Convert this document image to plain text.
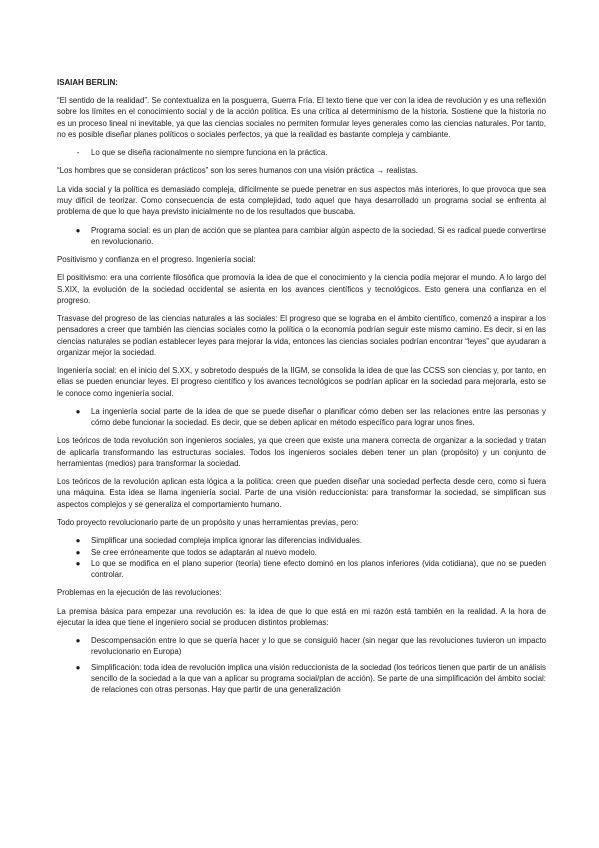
ISAIAH BERLIN:

“El sentido de la realidad”. Se contextualiza en la posguerra, Guerra Fría. El texto tiene que ver con la idea de revolución y es una reflexión sobre los límites en el conocimiento social y de la acción política. Es una crítica al determinismo de la historia. Sostiene que la historia no es un proceso lineal ni inevitable, ya que las ciencias sociales no permiten formular leyes generales como las ciencias naturales. Por tanto, no es posible diseñar planes políticos o sociales perfectos, ya que la realidad es bastante compleja y cambiante.

-	Lo que se diseña racionalmente no siempre funciona en la práctica.

“Los hombres que se consideran prácticos” son los seres humanos con una visión práctica → realistas.

La vida social y la política es demasiado compleja, difícilmente se puede penetrar en sus aspectos más interiores, lo que provoca que sea muy difícil de teorizar. Como consecuencia de esta complejidad, todo aquel que haya desarrollado un programa social se enfrenta al problema de que lo que haya previsto inicialmente no de los resultados que buscaba.

● Programa social: es un plan de acción que se plantea para cambiar algún aspecto de la sociedad. Si es radical puede convertirse en revolucionario.

Positivismo y confianza en el progreso. Ingeniería social:

El positivismo: era una corriente filosófica que promovía la idea de que el conocimiento y la ciencia podía mejorar el mundo. A lo largo del S.XIX, la evolución de la sociedad occidental se asienta en los avances científicos y tecnológicos. Esto genera una confianza en el progreso.

Trasvase del progreso de las ciencias naturales a las sociales: El progreso que se lograba en el ámbito científico, comenzó a inspirar a los pensadores a creer que también las ciencias sociales como la política o la economía podrían seguir este mismo camino. Es decir, si en las ciencias naturales se podían establecer leyes para mejorar la vida, entonces las ciencias sociales podrían encontrar “leyes” que ayudaran a organizar mejor la sociedad.

Ingeniería social: en el inicio del S.XX, y sobretodo después de la IIGM, se consolida la idea de que las CCSS son ciencias y, por tanto, en ellas se pueden enunciar leyes. El progreso científico y los avances tecnológicos se podrían aplicar en la sociedad para mejorarla, esto se le conoce como ingeniería social.

● La ingeniería social parte de la idea de que se puede diseñar o planificar cómo deben ser las relaciones entre las personas y cómo debe funcionar la sociedad. Es decir, que se deben aplicar en método específico para lograr unos fines.

Los teóricos de toda revolución son ingenieros sociales, ya que creen que existe una manera correcta de organizar a la sociedad y tratan de aplicarla transformando las estructuras sociales. Todos los ingenieros sociales deben tener un plan (propósito) y un conjunto de herramientas (medios) para transformar la sociedad.

Los teóricos de la revolución aplican esta lógica a la política: creen que pueden diseñar una sociedad perfecta desde cero, como si fuera una máquina. Esta idea se llama ingeniería social. Parte de una visión reduccionista: para transformar la sociedad, se simplifican sus aspectos complejos y se generaliza el comportamiento humano.

Todo proyecto revolucionario parte de un propósito y unas herramientas previas, pero:

● Simplificar una sociedad compleja implica ignorar las diferencias individuales.
● Se cree erróneamente que todos se adaptarán al nuevo modelo.
● Lo que se modifica en el plano superior (teoría) tiene efecto dominó en los planos inferiores (vida cotidiana), que no se pueden controlar.

Problemas en la ejecución de las revoluciones:

La premisa básica para empezar una revolución es: la idea de que lo que está en mi razón está también en la realidad. A la hora de ejecutar la idea que tiene el ingeniero social se producen distintos problemas:

● Descompensación entre lo que se quería hacer y lo que se consiguió hacer (sin negar que las revoluciones tuvieron un impacto revolucionario en Europa)
● Simplificación: toda idea de revolución implica una visión reduccionista de la sociedad (los teóricos tienen que partir de un análisis sencillo de la sociedad a la que van a aplicar su programa social/plan de acción). Se parte de una simplificación del ámbito social: de relaciones con otras personas. Hay que partir de una generalización
